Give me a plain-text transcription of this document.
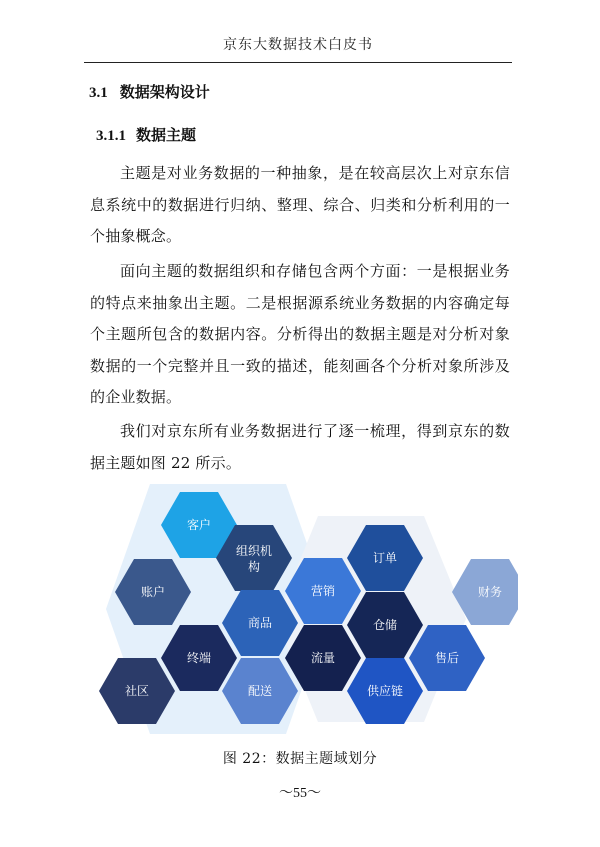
京东大数据技术白皮书
3.1 数据架构设计
3.1.1 数据主题
主题是对业务数据的一种抽象，是在较高层次上对京东信息系统中的数据进行归纳、整理、综合、归类和分析利用的一个抽象概念。
面向主题的数据组织和存储包含两个方面：一是根据业务的特点来抽象出主题。二是根据源系统业务数据的内容确定每个主题所包含的数据内容。分析得出的数据主题是对分析对象数据的一个完整并且一致的描述，能刻画各个分析对象所涉及的企业数据。
我们对京东所有业务数据进行了逐一梳理，得到京东的数据主题如图 22 所示。
客户
组织机构
订单
账户	营销	财务
商品	仓储
终端	流量	售后
社区	配送	供应链
图 22：数据主题域划分
～55～
